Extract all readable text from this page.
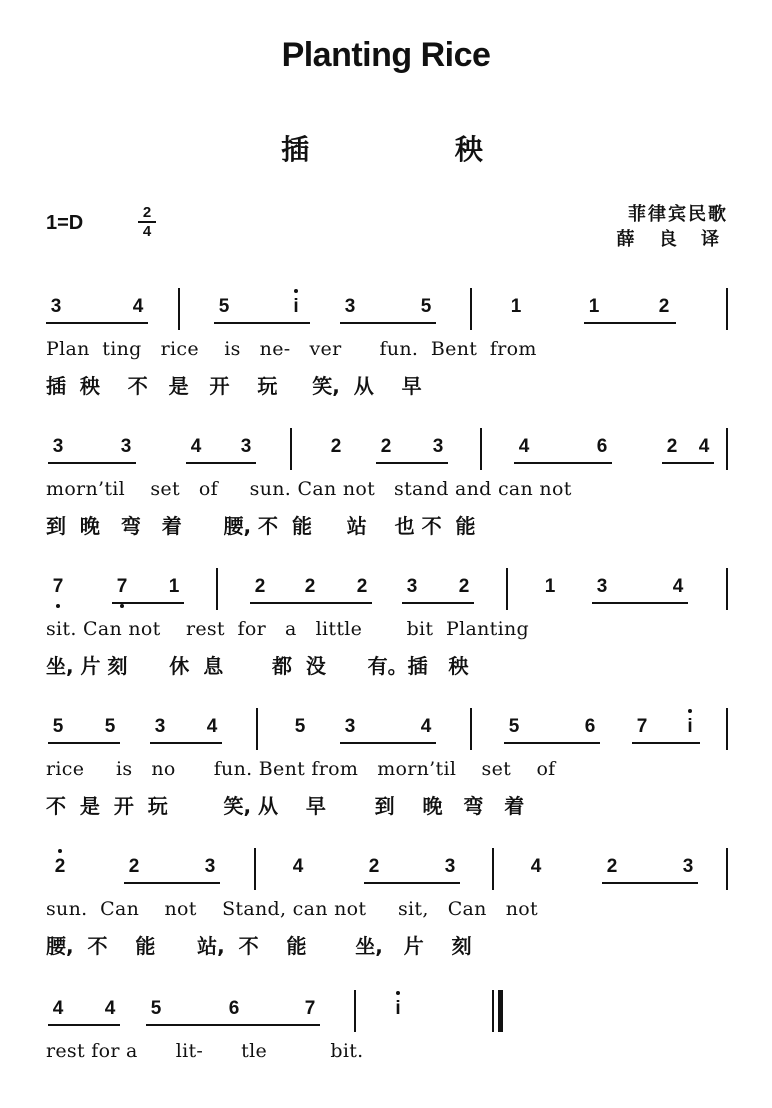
Planting Rice
插 秧
1=D	2
4
菲律宾民歌
薛 良 译
3	4	5	i	3	5	1	1	2
Plan  ting   rice    is   ne-   ver      fun.  Bent  from
插  秧    不   是   开    玩     笑,  从    早
3	3	4 3	2 2 3	4	6	2 4
morn’til    set   of     sun. Can not   stand and can not
到  晚   弯   着      腰, 不  能     站    也 不  能
7	7 1	2 2 2 3 2	1 3	4
sit. Can not    rest  for   a   little       bit  Planting
坐, 片 刻      休  息       都  没      有。插   秧
5 5 3 4	5 3	4	5	6 7	i
rice     is   no      fun. Bent from   morn’til    set    of
不  是  开  玩        笑, 从    早       到    晚   弯   着
2	2	3	4	2	3	4	2	3
sun.  Can    not    Stand, can not     sit,   Can   not
腰,  不    能      站,  不    能       坐,   片    刻
4 4 5	6	7	i
rest for a      lit-      tle          bit.
